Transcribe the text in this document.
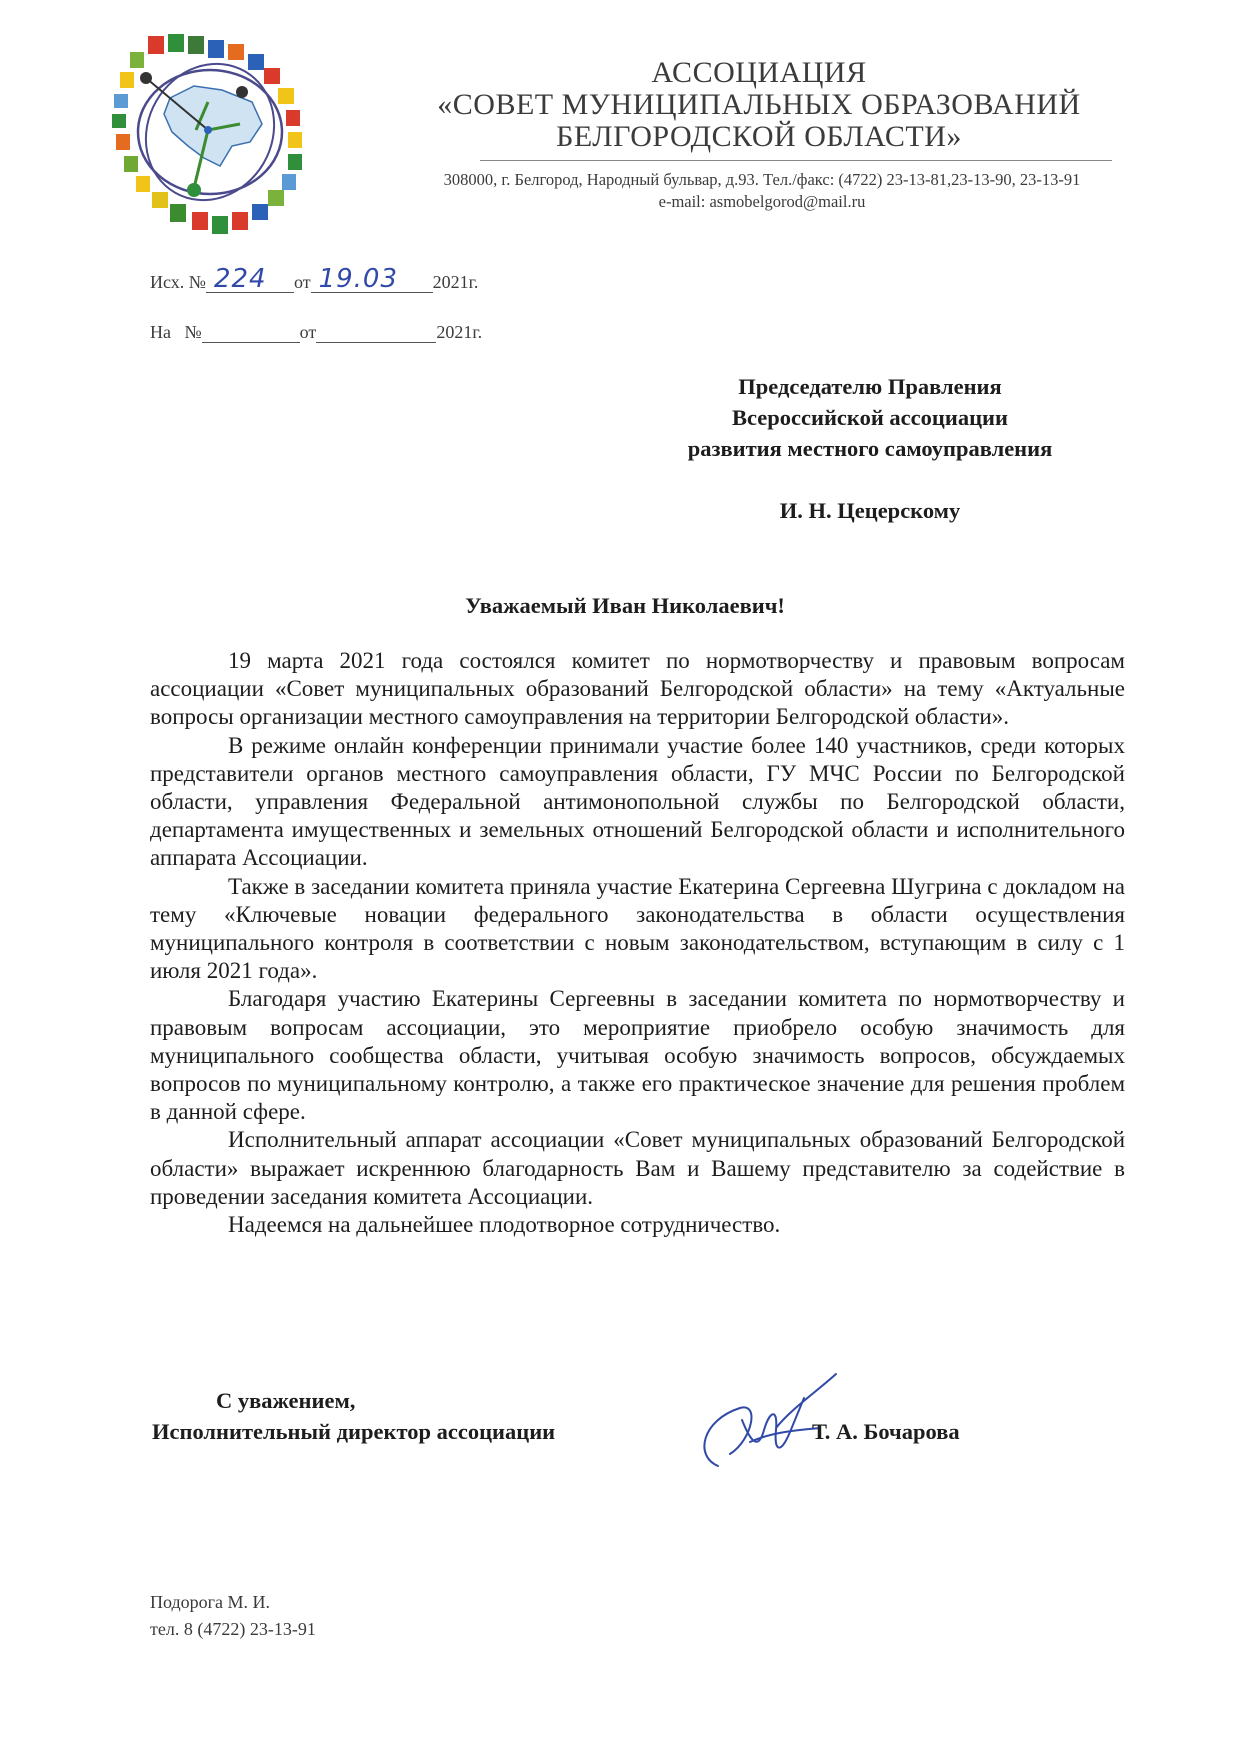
АССОЦИАЦИЯ
«СОВЕТ МУНИЦИПАЛЬНЫХ ОБРАЗОВАНИЙ
БЕЛГОРОДСКОЙ ОБЛАСТИ»
308000, г. Белгород, Народный бульвар, д.93. Тел./факс: (4722) 23-13-81,23-13-90, 23-13-91
e-mail: asmobelgorod@mail.ru
Исх. № 224 от 19.03 2021г.
На   №	от	2021г.
Председателю Правления
Всероссийской ассоциации
развития местного самоуправления
И. Н. Цецерскому
Уважаемый Иван Николаевич!

19 марта 2021 года состоялся комитет по нормотворчеству и правовым вопросам ассоциации «Совет муниципальных образований Белгородской области» на тему «Актуальные вопросы организации местного самоуправления на территории Белгородской области».

В режиме онлайн конференции принимали участие более 140 участников, среди которых представители органов местного самоуправления области, ГУ МЧС России по Белгородской области, управления Федеральной антимонопольной службы по Белгородской области, департамента имущественных и земельных отношений Белгородской области и исполнительного аппарата Ассоциации.

Также в заседании комитета приняла участие Екатерина Сергеевна Шугрина с докладом на тему «Ключевые новации федерального законодательства в области осуществления муниципального контроля в соответствии с новым законодательством, вступающим в силу с 1 июля 2021 года».

Благодаря участию Екатерины Сергеевны в заседании комитета по нормотворчеству и правовым вопросам ассоциации, это мероприятие приобрело особую значимость для муниципального сообщества области, учитывая особую значимость вопросов, обсуждаемых вопросов по муниципальному контролю, а также его практическое значение для решения проблем в данной сфере.

Исполнительный аппарат ассоциации «Совет муниципальных образований Белгородской области» выражает искреннюю благодарность Вам и Вашему представителю за содействие в проведении заседания комитета Ассоциации.

Надеемся на дальнейшее плодотворное сотрудничество.

С уважением,
Исполнительный директор ассоциации	Т. А. Бочарова
Подорога М. И.
тел. 8 (4722) 23-13-91
